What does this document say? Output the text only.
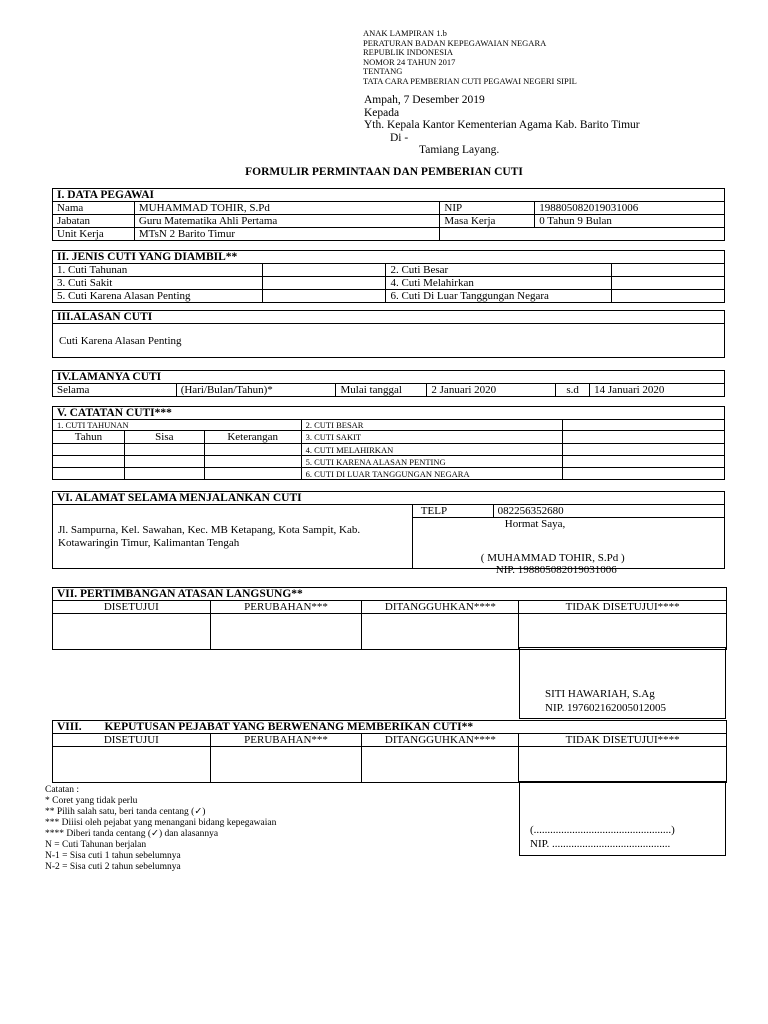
ANAK LAMPIRAN 1.b
PERATURAN BADAN KEPEGAWAIAN NEGARA
REPUBLIK INDONESIA
NOMOR 24 TAHUN 2017
TENTANG
TATA CARA PEMBERIAN CUTI PEGAWAI NEGERI SIPIL
Ampah, 7 Desember 2019
Kepada
Yth. Kepala Kantor Kementerian Agama Kab. Barito Timur
Di -
Tamiang Layang.
FORMULIR PERMINTAAN DAN PEMBERIAN CUTI
I. DATA PEGAWAI			
Nama	MUHAMMAD TOHIR, S.Pd	NIP	198805082019031006
Jabatan	Guru Matematika Ahli Pertama	Masa Kerja	0 Tahun 9 Bulan
Unit Kerja	MTsN 2 Barito Timur		
II. JENIS CUTI YANG DIAMBIL**			
1. Cuti Tahunan		2. Cuti Besar	
3. Cuti Sakit		4. Cuti Melahirkan	
5. Cuti Karena Alasan Penting		6. Cuti Di Luar Tanggungan Negara	
III.ALASAN CUTI
Cuti Karena Alasan Penting
IV.LAMANYA CUTI
Selama	(Hari/Bulan/Tahun)*	Mulai tanggal	2 Januari 2020	s.d	14 Januari 2020
V. CATATAN CUTI***				
1. CUTI TAHUNAN			2. CUTI BESAR	
Tahun	Sisa	Keterangan	3. CUTI SAKIT	
			4. CUTI MELAHIRKAN	
			5. CUTI KARENA ALASAN PENTING	
			6. CUTI DI LUAR TANGGUNGAN NEGARA	
VI. ALAMAT SELAMA MENJALANKAN CUTI

Jl. Sampurna, Kel. Sawahan, Kec. MB Ketapang, Kota Sampit, Kab.
Kotawaringin Timur, Kalimantan Tengah
	TELP	082256352680

Hormat Saya,
( MUHAMMAD TOHIR, S.Pd )
NIP. 198805082019031006
VII. PERTIMBANGAN ATASAN LANGSUNG**			
DISETUJUI	PERUBAHAN***	DITANGGUHKAN****	TIDAK DISETUJUI****

SITI HAWARIAH, S.Ag
NIP. 197602162005012005
VIII. KEPUTUSAN PEJABAT YANG BERWENANG MEMBERIKAN CUTI**			
DISETUJUI	PERUBAHAN***	DITANGGUHKAN****	TIDAK DISETUJUI****

(..................................................)
NIP. ...........................................
Catatan :
* Coret yang tidak perlu
** Pilih salah satu, beri tanda centang (✓)
*** Diiisi oleh pejabat yang menangani bidang kepegawaian
**** Diberi tanda centang (✓) dan alasannya
N = Cuti Tahunan berjalan
N-1 = Sisa cuti 1 tahun sebelumnya
N-2 = Sisa cuti 2 tahun sebelumnya
